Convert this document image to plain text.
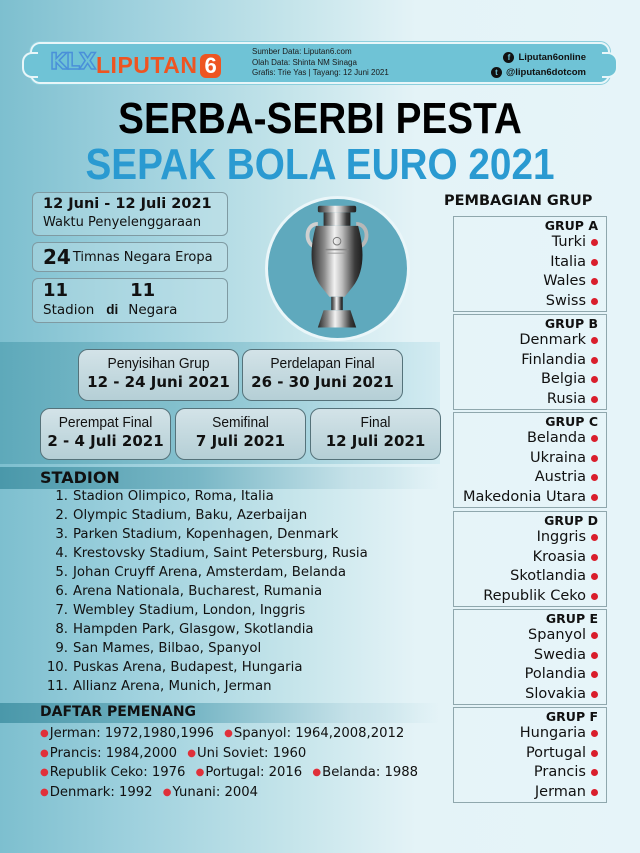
KLX LIPUTAN 6
Sumber Data: Liputan6.com
Olah Data: Shinta NM Sinaga
Grafis: Trie Yas | Tayang: 12 Juni 2021
f Liputan6online
t @liputan6dotcom
SERBA-SERBI PESTA
SEPAK BOLA EURO 2021
12 Juni - 12 Juli 2021
Waktu Penyelenggaraan
24 Timnas Negara Eropa
11	11
Stadion di Negara
Penyisihan Grup
12 - 24 Juni 2021
Perdelapan Final
26 - 30 Juni 2021
Perempat Final
2 - 4 Juli 2021
Semifinal
7 Juli 2021
Final
12 Juli 2021
STADION
1. Stadion Olimpico, Roma, Italia
2. Olympic Stadium, Baku, Azerbaijan
3. Parken Stadium, Kopenhagen, Denmark
4. Krestovsky Stadium, Saint Petersburg, Rusia
5. Johan Cruyff Arena, Amsterdam, Belanda
6. Arena Nationala, Bucharest, Rumania
7. Wembley Stadium, London, Inggris
8. Hampden Park, Glasgow, Skotlandia
9. San Mames, Bilbao, Spanyol
10. Puskas Arena, Budapest, Hungaria
11. Allianz Arena, Munich, Jerman
DAFTAR PEMENANG
●Jerman: 1972,1980,1996 ●Spanyol: 1964,2008,2012
●Prancis: 1984,2000 ●Uni Soviet: 1960
●Republik Ceko: 1976 ●Portugal: 2016 ●Belanda: 1988
●Denmark: 1992 ●Yunani: 2004
PEMBAGIAN GRUP
GRUP A
Turki
Italia
Wales
Swiss
GRUP B
Denmark
Finlandia
Belgia
Rusia
GRUP C
Belanda
Ukraina
Austria
Makedonia Utara
GRUP D
Inggris
Kroasia
Skotlandia
Republik Ceko
GRUP E
Spanyol
Swedia
Polandia
Slovakia
GRUP F
Hungaria
Portugal
Prancis
Jerman
